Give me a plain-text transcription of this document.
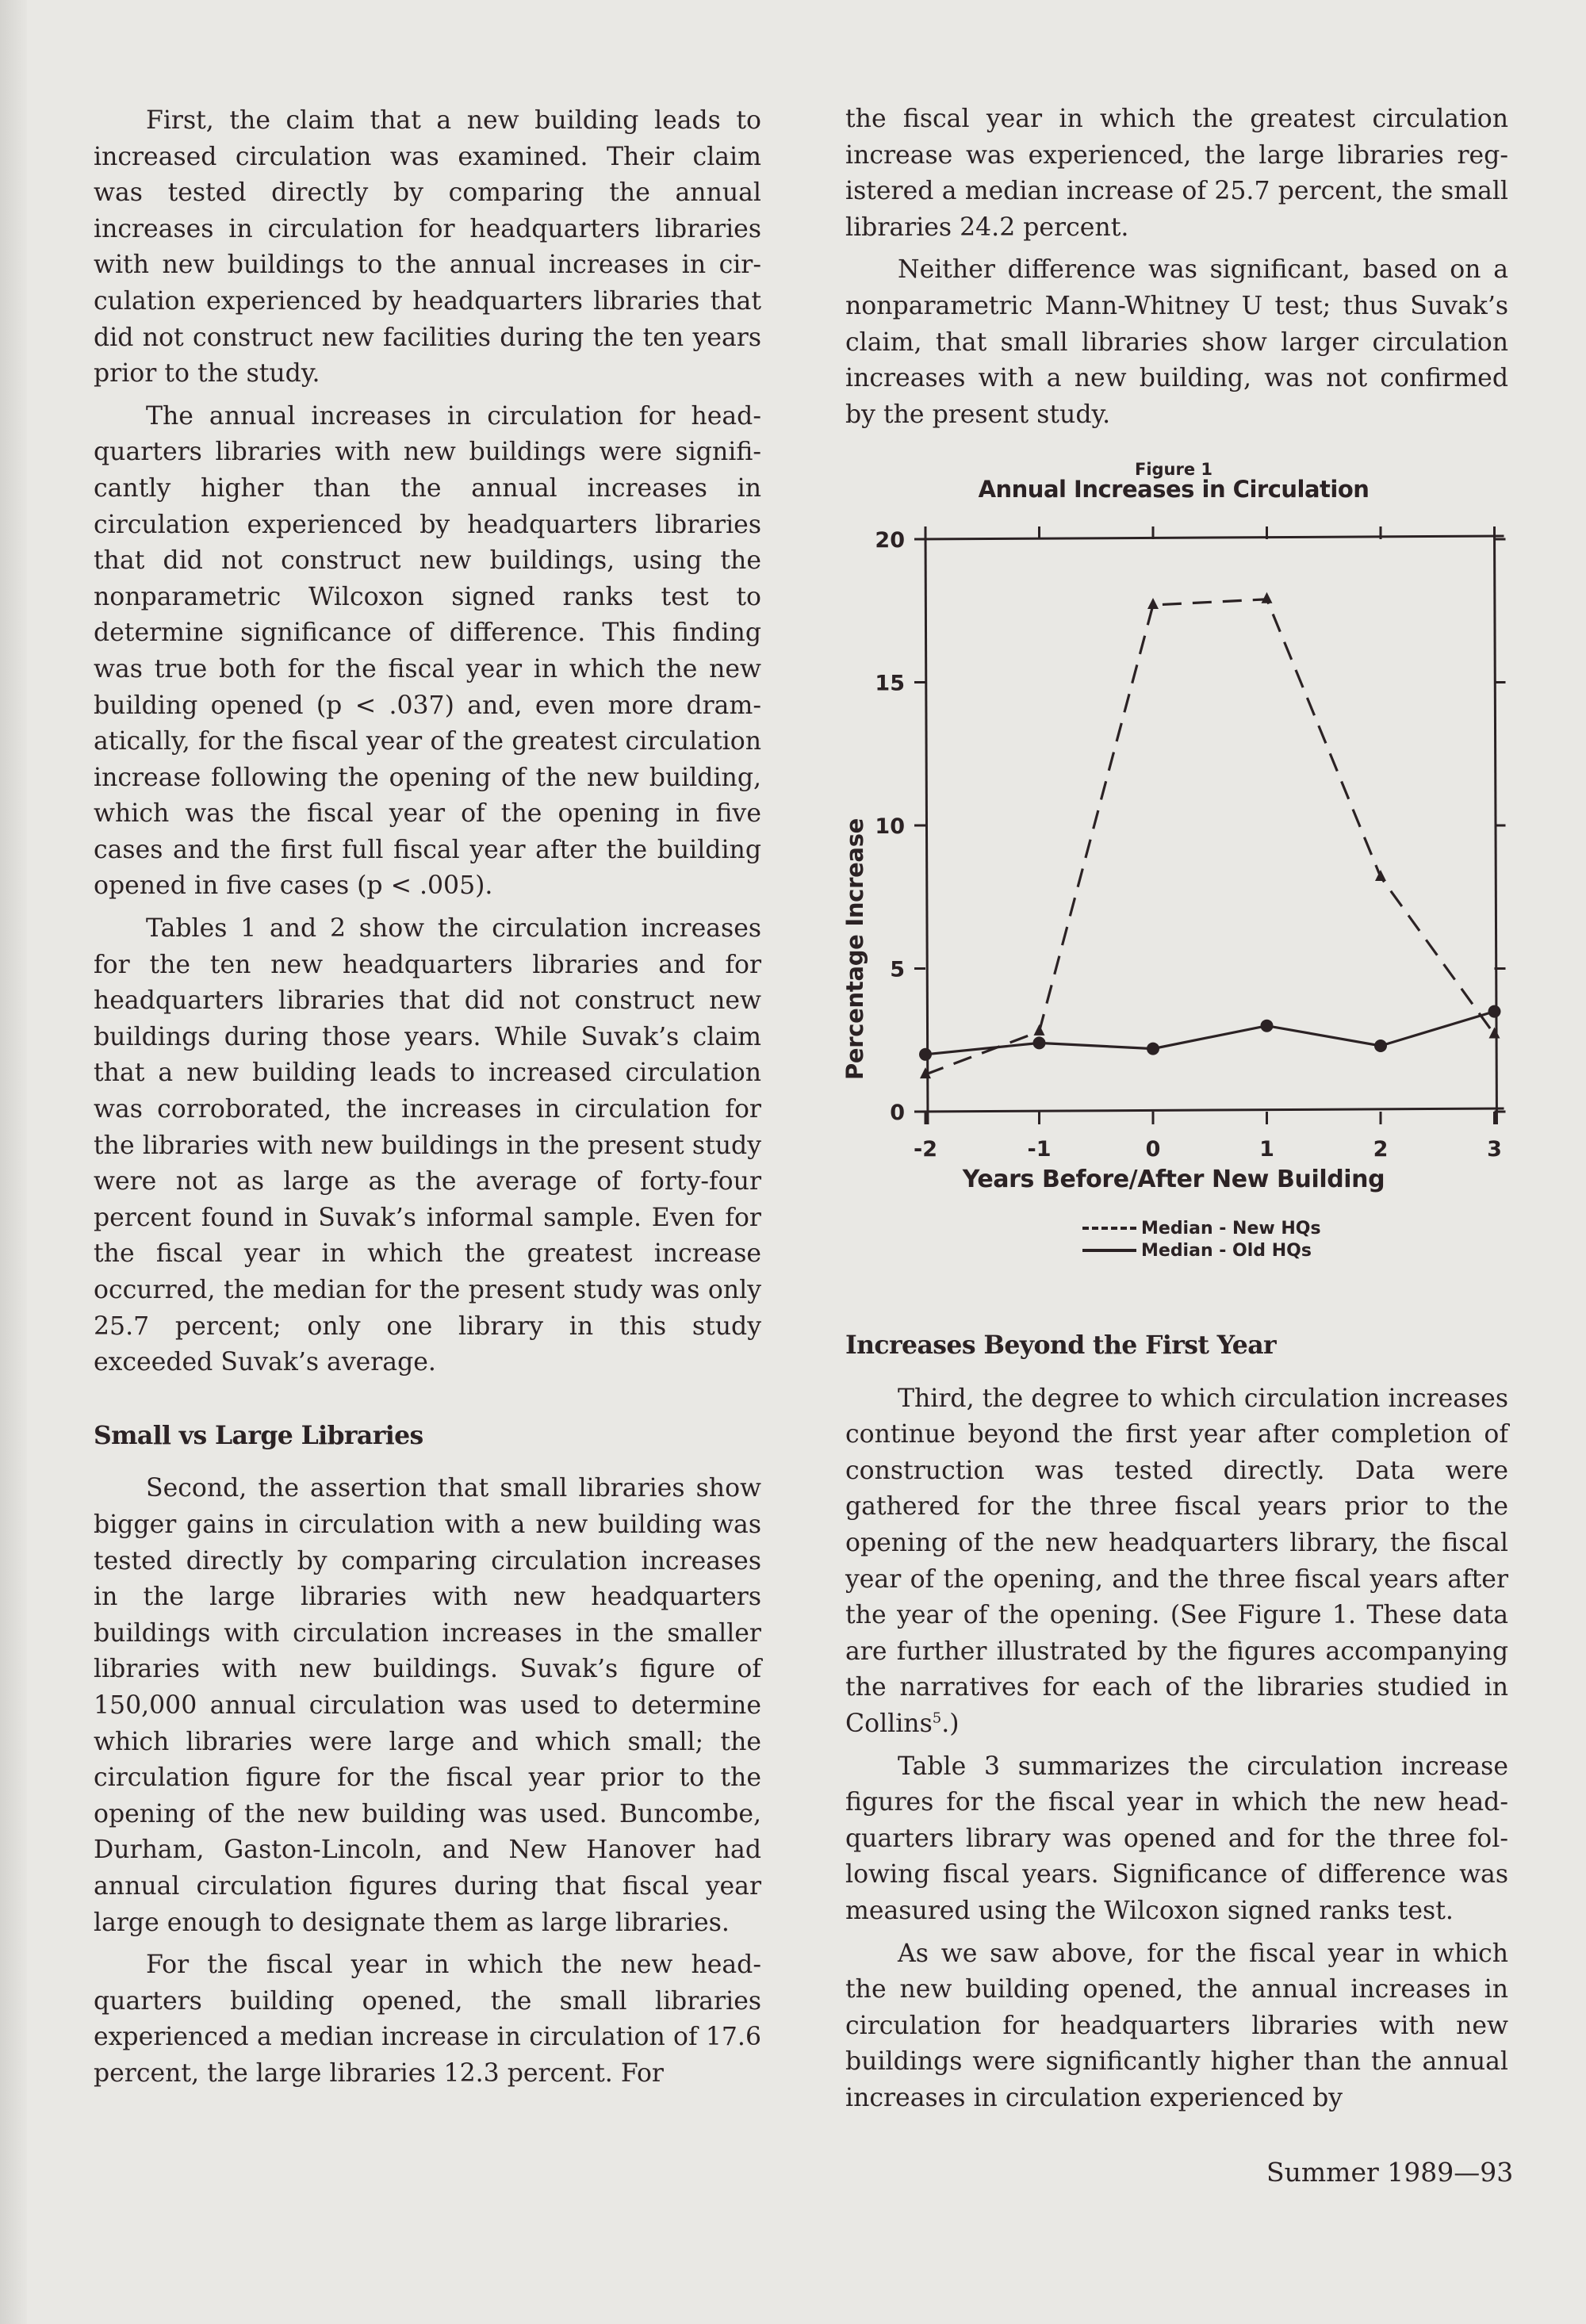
First, the claim that a new building leads to increased circulation was examined. Their claim was tested directly by comparing the annual increases in circulation for headquarters libraries with new buildings to the annual increases in circulation experienced by headquarters libraries that did not construct new facilities during the ten years prior to the study.

The annual increases in circulation for headquarters libraries with new buildings were significantly higher than the annual increases in circulation experienced by headquarters libraries that did not construct new buildings, using the nonparametric Wilcoxon signed ranks test to determine significance of difference. This finding was true both for the fiscal year in which the new building opened (p < .037) and, even more dramatically, for the fiscal year of the greatest circulation increase following the opening of the new building, which was the fiscal year of the opening in five cases and the first full fiscal year after the building opened in five cases (p < .005).

Tables 1 and 2 show the circulation increases for the ten new headquarters libraries and for headquarters libraries that did not construct new buildings during those years. While Suvak’s claim that a new building leads to increased circulation was corroborated, the increases in circulation for the libraries with new buildings in the present study were not as large as the average of forty-four percent found in Suvak’s informal sample. Even for the fiscal year in which the greatest increase occurred, the median for the present study was only 25.7 percent; only one library in this study exceeded Suvak’s average.

Small vs Large Libraries

Second, the assertion that small libraries show bigger gains in circulation with a new building was tested directly by comparing circulation increases in the large libraries with new headquarters buildings with circulation increases in the smaller libraries with new buildings. Suvak’s figure of 150,000 annual circulation was used to determine which libraries were large and which small; the circulation figure for the fiscal year prior to the opening of the new building was used. Buncombe, Durham, Gaston-Lincoln, and New Hanover had annual circulation figures during that fiscal year large enough to designate them as large libraries.

For the fiscal year in which the new headquarters building opened, the small libraries experienced a median increase in circulation of 17.6 percent, the large libraries 12.3 percent. For

the fiscal year in which the greatest circulation increase was experienced, the large libraries registered a median increase of 25.7 percent, the small libraries 24.2 percent.

Neither difference was significant, based on a nonparametric Mann-Whitney U test; thus Suvak’s claim, that small libraries show larger circulation increases with a new building, was not confirmed by the present study.

Figure 1
Annual Increases in Circulation
Percentage Increase
-2	-1	0	1	2	3
0
5
10
15
20
Years Before/After New Building
Median - New HQs
Median - Old HQs
Increases Beyond the First Year

Third, the degree to which circulation increases continue beyond the first year after completion of construction was tested directly. Data were gathered for the three fiscal years prior to the opening of the new headquarters library, the fiscal year of the opening, and the three fiscal years after the year of the opening. (See Figure 1. These data are further illustrated by the figures accompanying the narratives for each of the libraries studied in Collins$^5$.)

Table 3 summarizes the circulation increase figures for the fiscal year in which the new headquarters library was opened and for the three following fiscal years. Significance of difference was measured using the Wilcoxon signed ranks test.

As we saw above, for the fiscal year in which the new building opened, the annual increases in circulation for headquarters libraries with new buildings were significantly higher than the annual increases in circulation experienced by

Summer 1989—93
